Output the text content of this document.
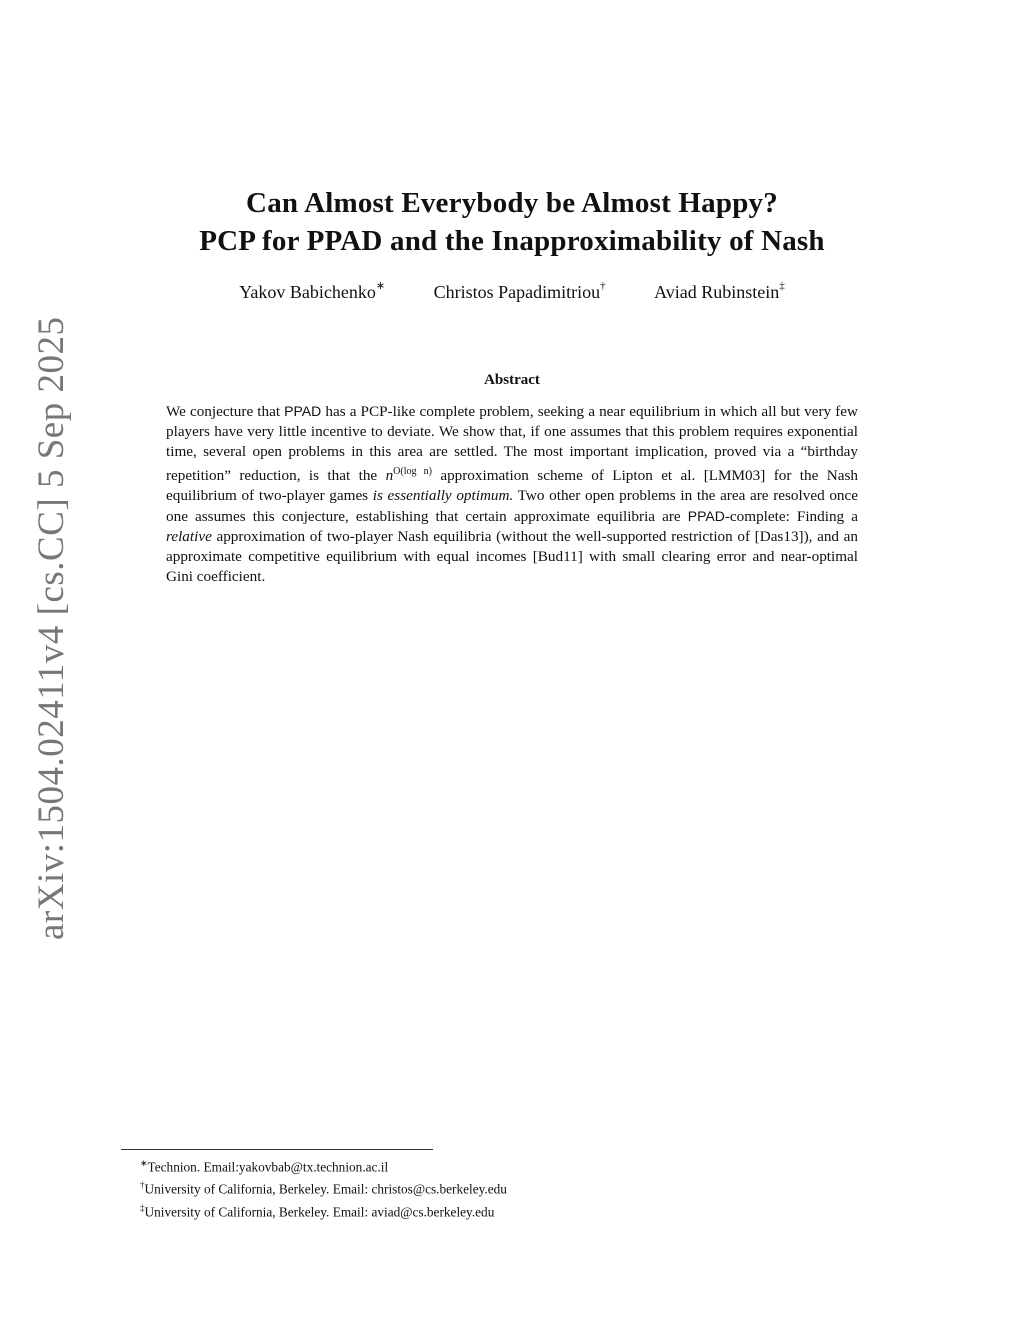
Can Almost Everybody be Almost Happy?
PCP for PPAD and the Inapproximability of Nash
Yakov Babichenko∗	Christos Papadimitriou†	Aviad Rubinstein‡
Abstract
We conjecture that PPAD has a PCP-like complete problem, seeking a near equilibrium in which all but very few players have very little incentive to deviate. We show that, if one assumes that this problem requires exponential time, several open problems in this area are settled. The most important implication, proved via a “birthday repetition” reduction, is that the $n^{O(log n)}$ approximation scheme of Lipton et al. [LMM03] for the Nash equilibrium of two-player games is essentially optimum. Two other open problems in the area are resolved once one assumes this conjecture, establishing that certain approximate equilibria are PPAD-complete: Finding a relative approximation of two-player Nash equilibria (without the well-supported restriction of [Das13]), and an approximate competitive equilibrium with equal incomes [Bud11] with small clearing error and near-optimal Gini coefficient.
arXiv:1504.02411v4 [cs.CC] 5 Sep 2025
∗Technion. Email:yakovbab@tx.technion.ac.il
†University of California, Berkeley. Email: christos@cs.berkeley.edu
‡University of California, Berkeley. Email: aviad@cs.berkeley.edu
